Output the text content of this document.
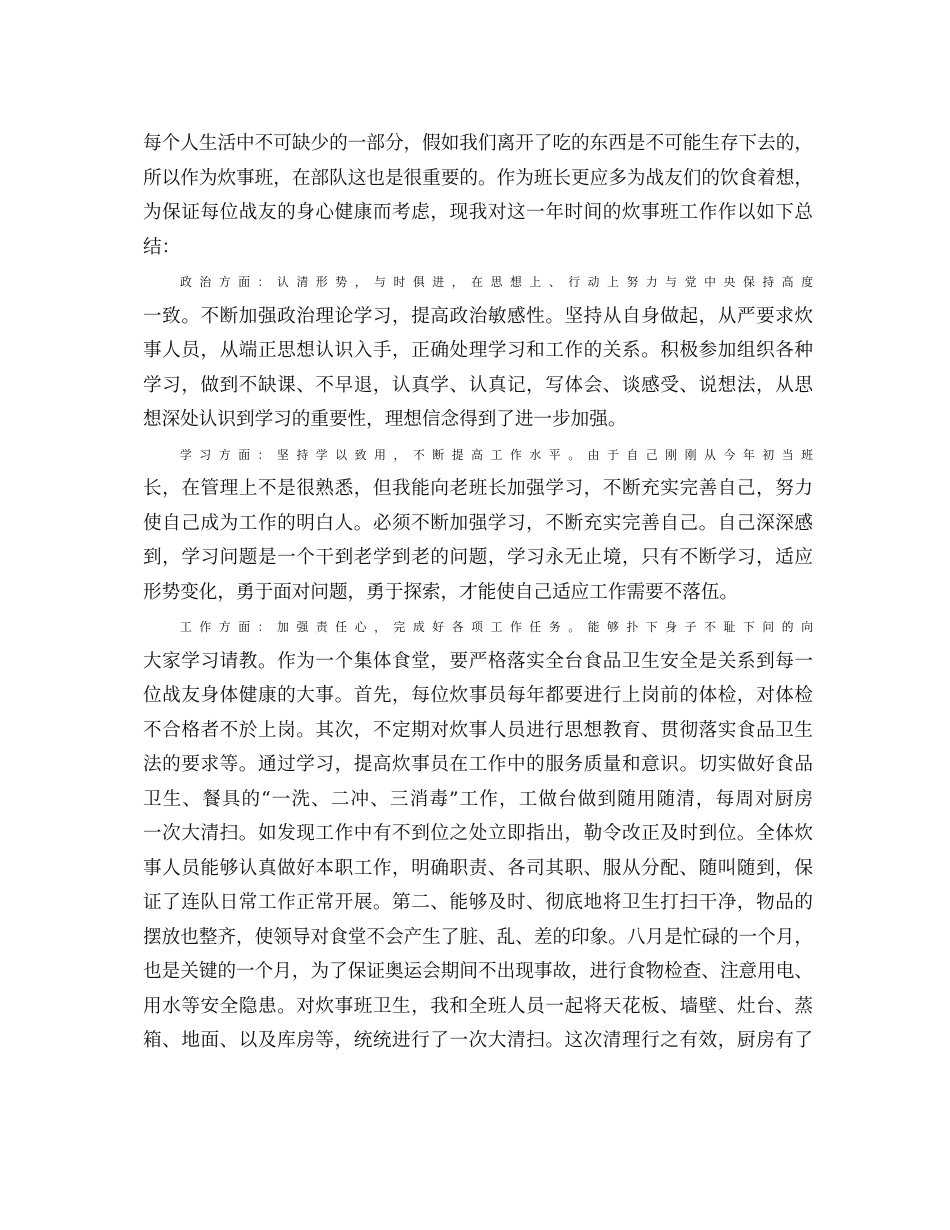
每个人生活中不可缺少的一部分，假如我们离开了吃的东西是不可能生存下去的，
所以作为炊事班，在部队这也是很重要的。作为班长更应多为战友们的饮食着想，
为保证每位战友的身心健康而考虑，现我对这一年时间的炊事班工作作以如下总
结：
政治方面：认清形势，与时俱进，在思想上、行动上努力与党中央保持高度
一致。不断加强政治理论学习，提高政治敏感性。坚持从自身做起，从严要求炊
事人员，从端正思想认识入手，正确处理学习和工作的关系。积极参加组织各种
学习，做到不缺课、不早退，认真学、认真记，写体会、谈感受、说想法，从思
想深处认识到学习的重要性，理想信念得到了进一步加强。
学习方面：坚持学以致用，不断提高工作水平。由于自己刚刚从今年初当班
长，在管理上不是很熟悉，但我能向老班长加强学习，不断充实完善自己，努力
使自己成为工作的明白人。必须不断加强学习，不断充实完善自己。自己深深感
到，学习问题是一个干到老学到老的问题，学习永无止境，只有不断学习，适应
形势变化，勇于面对问题，勇于探索，才能使自己适应工作需要不落伍。
工作方面：加强责任心，完成好各项工作任务。能够扑下身子不耻下问的向
大家学习请教。作为一个集体食堂，要严格落实全台食品卫生安全是关系到每一
位战友身体健康的大事。首先，每位炊事员每年都要进行上岗前的体检，对体检
不合格者不於上岗。其次，不定期对炊事人员进行思想教育、贯彻落实食品卫生
法的要求等。通过学习，提高炊事员在工作中的服务质量和意识。切实做好食品
卫生、餐具的“一洗、二冲、三消毒”工作，工做台做到随用随清，每周对厨房
一次大清扫。如发现工作中有不到位之处立即指出，勒令改正及时到位。全体炊
事人员能够认真做好本职工作，明确职责、各司其职、服从分配、随叫随到，保
证了连队日常工作正常开展。第二、能够及时、彻底地将卫生打扫干净，物品的
摆放也整齐，使领导对食堂不会产生了脏、乱、差的印象。八月是忙碌的一个月，
也是关键的一个月，为了保证奥运会期间不出现事故，进行食物检查、注意用电、
用水等安全隐患。对炊事班卫生，我和全班人员一起将天花板、墙壁、灶台、蒸
箱、地面、以及库房等，统统进行了一次大清扫。这次清理行之有效，厨房有了
